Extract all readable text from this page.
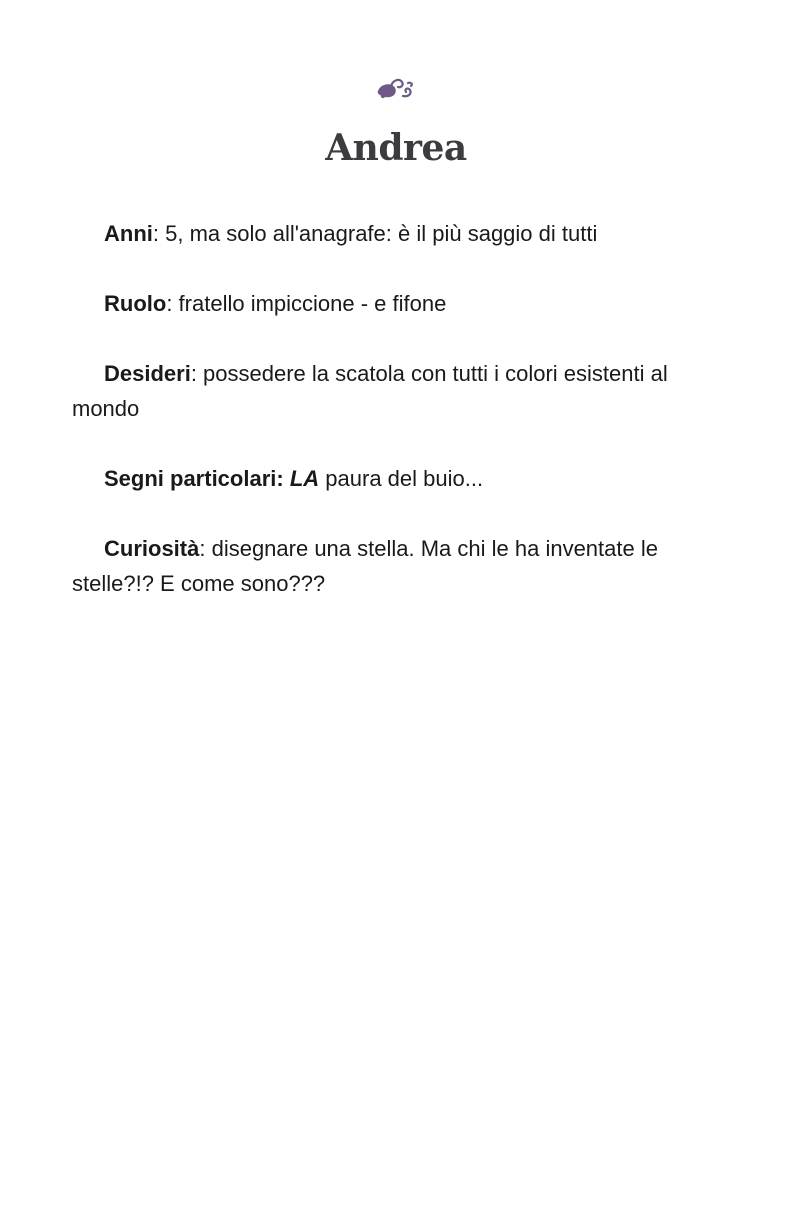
Andrea

Anni: 5, ma solo all'anagrafe: è il più saggio di tutti

Ruolo: fratello impiccione - e fifone

Desideri: possedere la scatola con tutti i colori esistenti al mondo

Segni particolari: LA paura del buio...

Curiosità: disegnare una stella. Ma chi le ha inventate le stelle?!? E come sono???
